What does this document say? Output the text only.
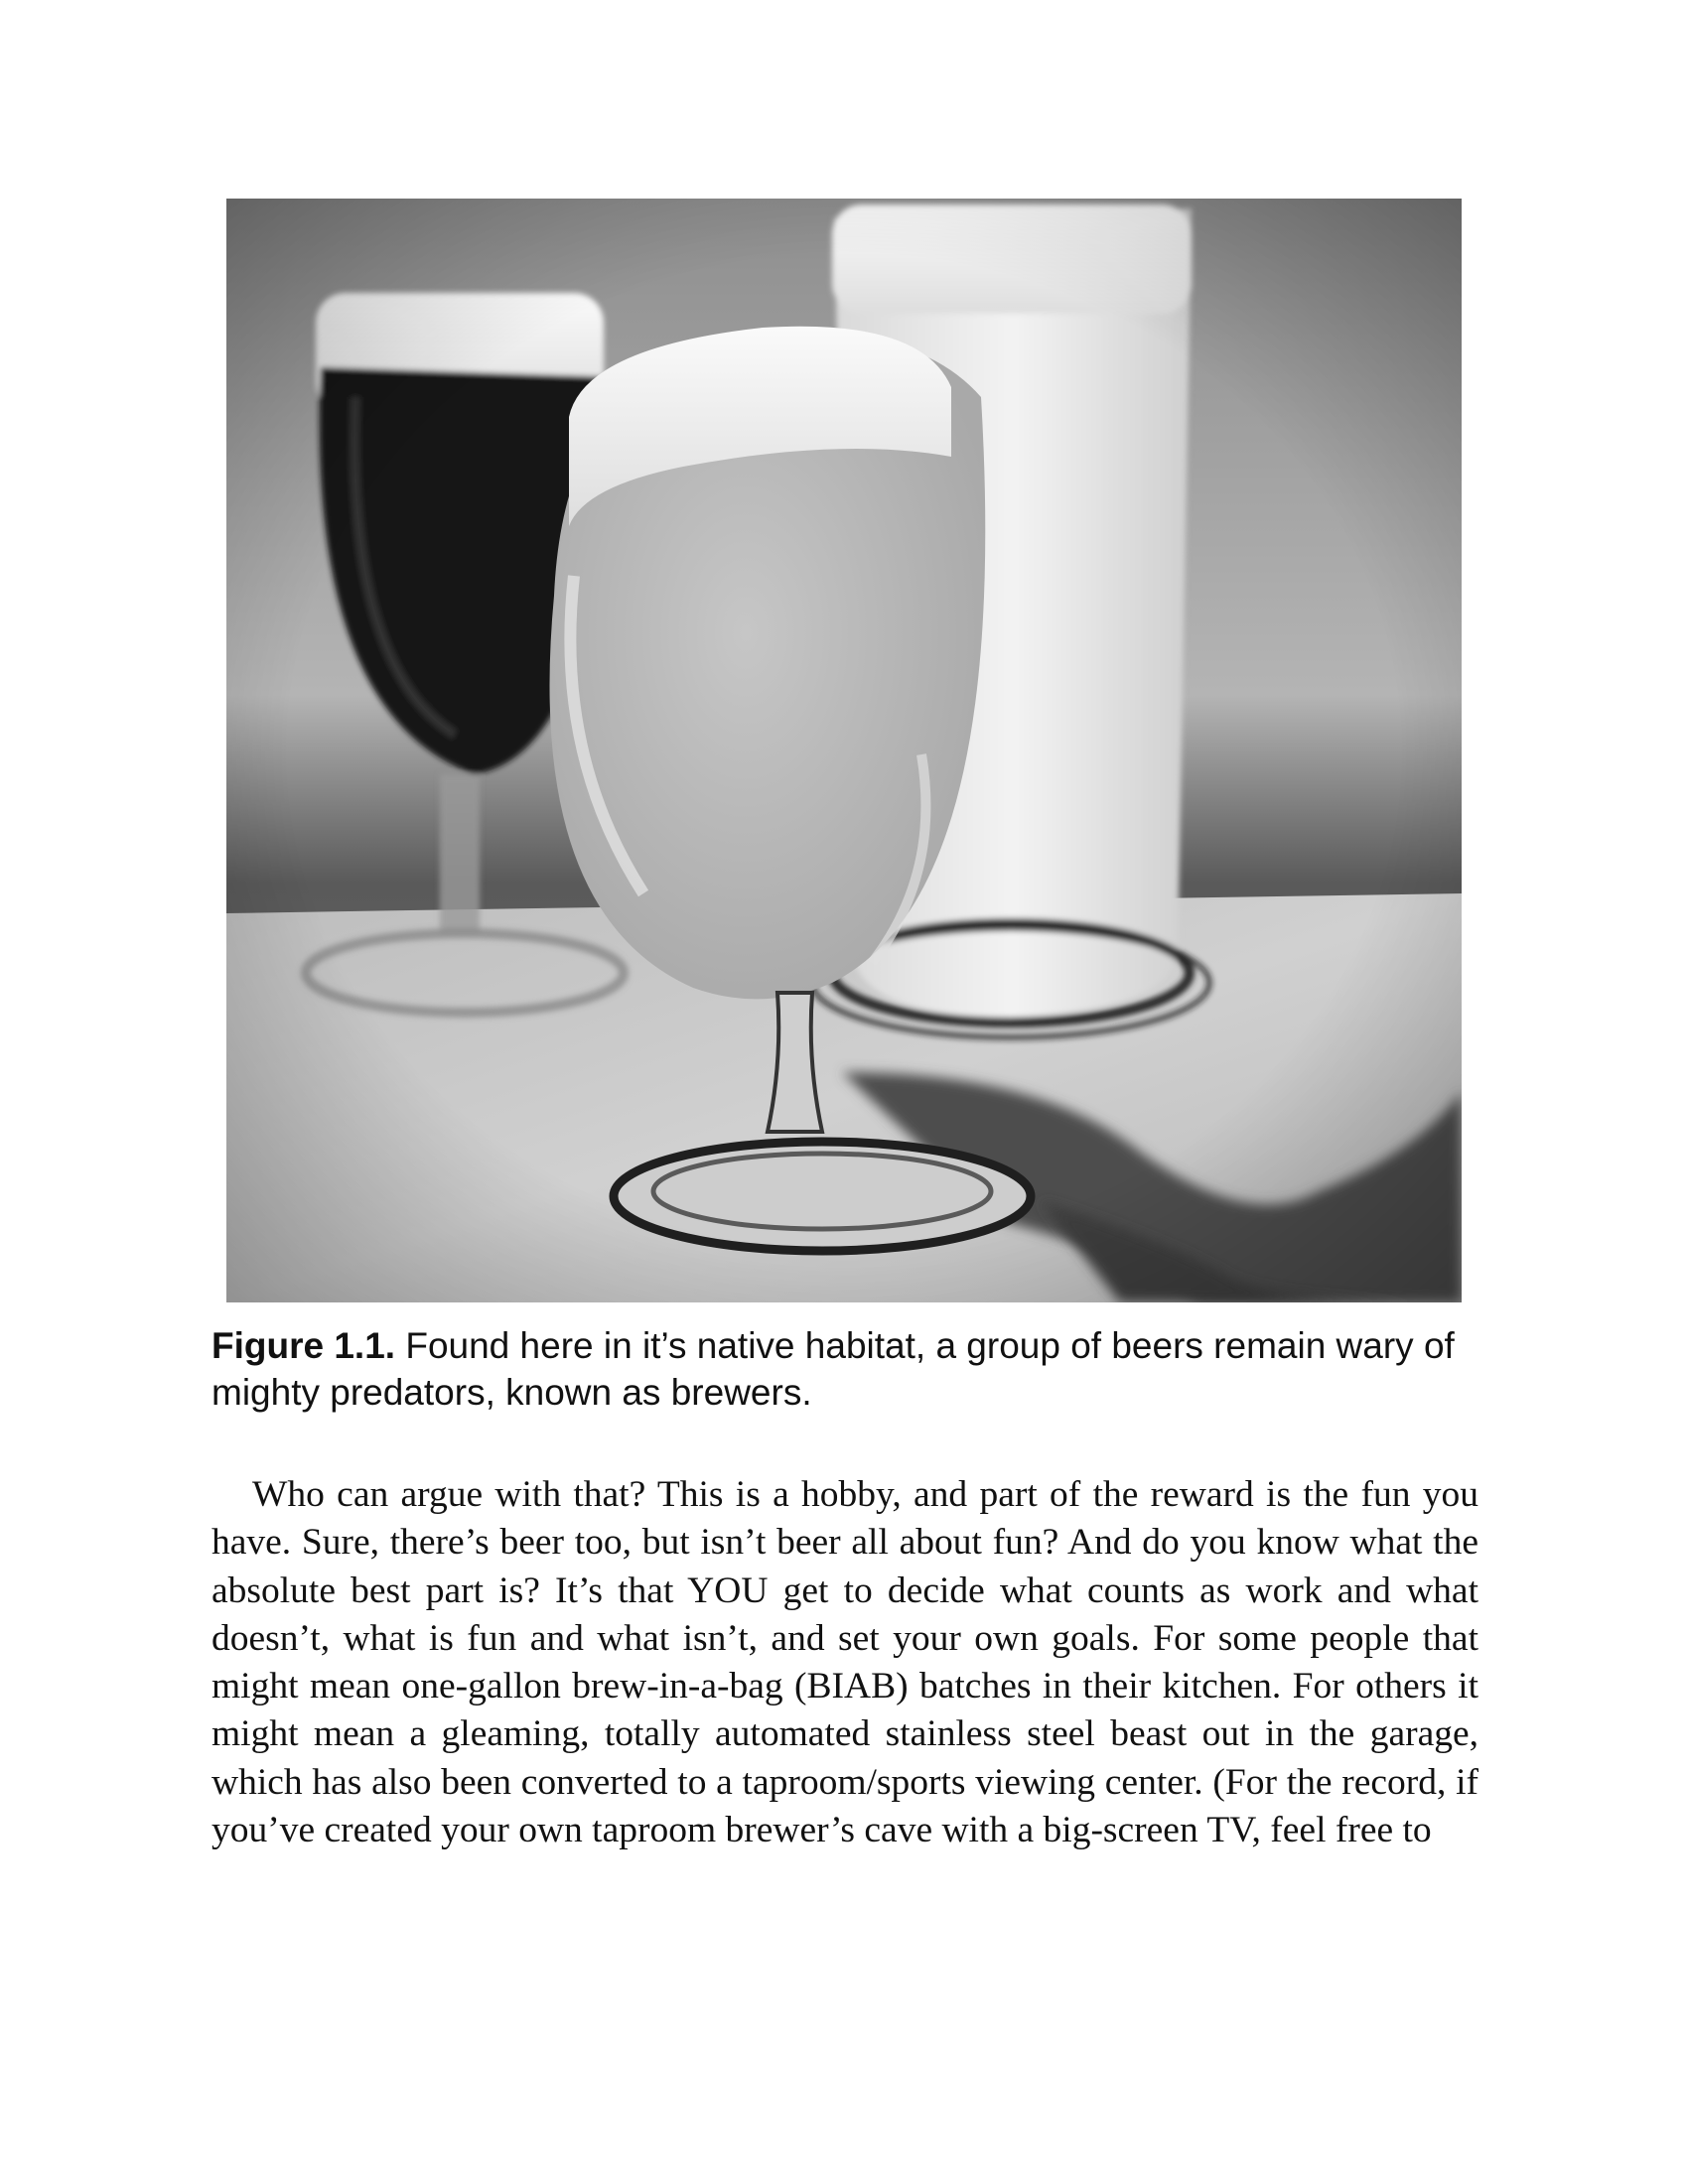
Figure 1.1. Found here in it’s native habitat, a group of beers remain wary of mighty predators, known as brewers.

Who can argue with that? This is a hobby, and part of the reward is the fun you have. Sure, there’s beer too, but isn’t beer all about fun? And do you know what the absolute best part is? It’s that YOU get to decide what counts as work and what doesn’t, what is fun and what isn’t, and set your own goals. For some people that might mean one-gallon brew-in-a-bag (BIAB) batches in their kitchen. For others it might mean a gleaming, totally automated stainless steel beast out in the garage, which has also been converted to a taproom/sports viewing center. (For the record, if you’ve created your own taproom brewer’s cave with a big-screen TV, feel free to
